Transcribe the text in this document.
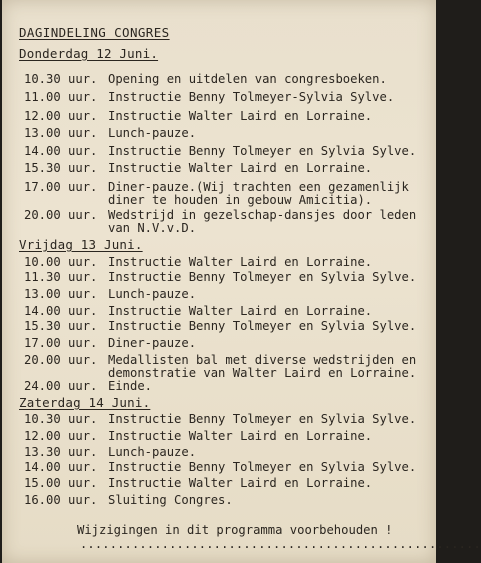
DAGINDELING CONGRES
Donderdag 12 Juni.

10.30 uur.

Opening en uitdelen van congresboeken.

11.00 uur.

Instructie Benny Tolmeyer-Sylvia Sylve.

12.00 uur.

Instructie Walter Laird en Lorraine.

13.00 uur.

Lunch-pauze.

14.00 uur.

Instructie Benny Tolmeyer en Sylvia Sylve.

15.30 uur.

Instructie Walter Laird en Lorraine.

17.00 uur.

Diner-pauze.(Wij trachten een gezamenlijk

diner te houden in gebouw Amicitia).

20.00 uur.

Wedstrijd in gezelschap-dansjes door leden

van N.V.v.D.

Vrijdag 13 Juni.

10.00 uur.

Instructie Walter Laird en Lorraine.

11.30 uur.

Instructie Benny Tolmeyer en Sylvia Sylve.

13.00 uur.

Lunch-pauze.

14.00 uur.

Instructie Walter Laird en Lorraine.

15.30 uur.

Instructie Benny Tolmeyer en Sylvia Sylve.

17.00 uur.

Diner-pauze.

20.00 uur.

Medallisten bal met diverse wedstrijden en

demonstratie van Walter Laird en Lorraine.

24.00 uur.

Einde.

Zaterdag 14 Juni.

10.30 uur.

Instructie Benny Tolmeyer en Sylvia Sylve.

12.00 uur.

Instructie Walter Laird en Lorraine.

13.30 uur.

Lunch-pauze.

14.00 uur.

Instructie Benny Tolmeyer en Sylvia Sylve.

15.00 uur.

Instructie Walter Laird en Lorraine.

16.00 uur.

Sluiting Congres.

Wijzigingen in dit programma voorbehouden !
......................................................
